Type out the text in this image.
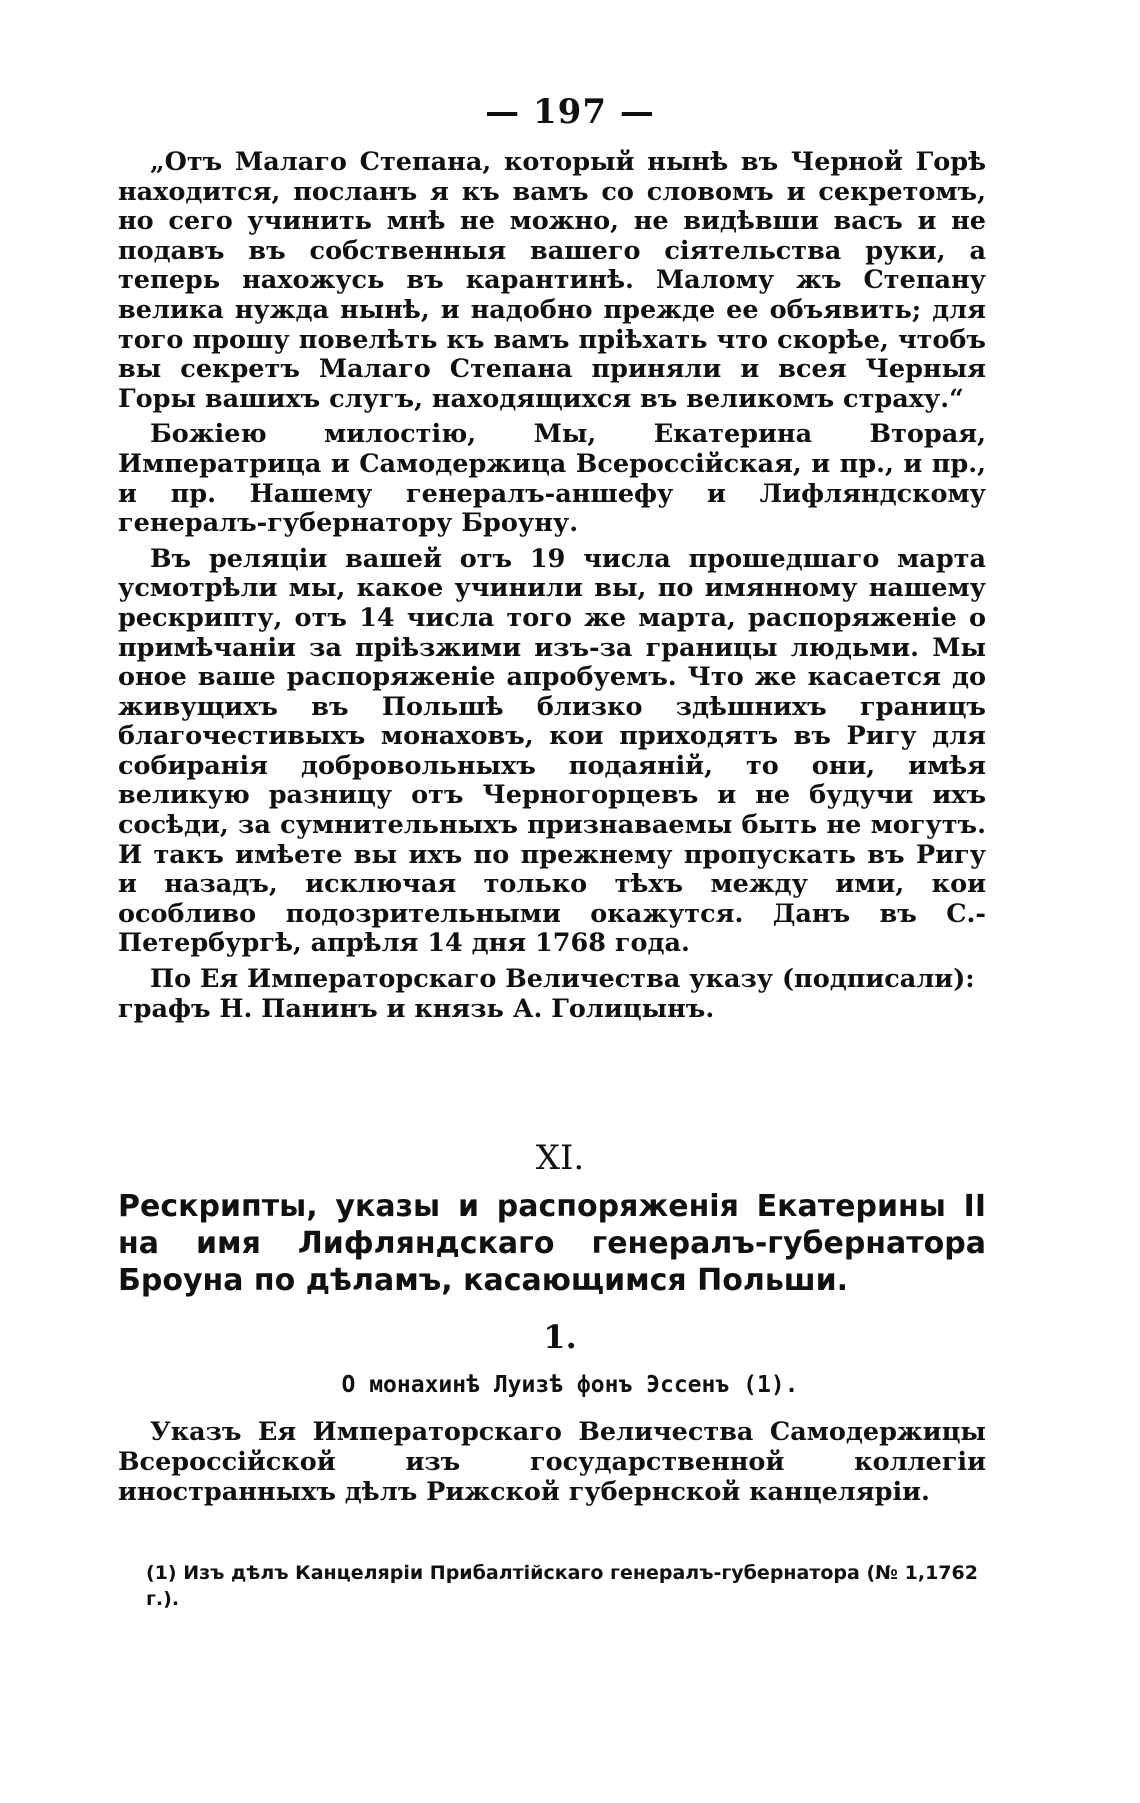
— 197 —

„Отъ Малаго Степана, который нынѣ въ Черной Горѣ находится, посланъ я къ вамъ со словомъ и секретомъ, но сего учинить мнѣ не можно, не видѣвши васъ и не подавъ въ собственныя вашего сіятельства руки, а теперь нахожусь въ карантинѣ. Малому жъ Степану велика нужда нынѣ, и надобно прежде ее объявить; для того прошу повелѣть къ вамъ пріѣхать что скорѣе, чтобъ вы секретъ Малаго Степана приняли и всея Черныя Горы вашихъ слугъ, находящихся въ великомъ страху.“

Божіею милостію, Мы, Екатерина Вторая, Императрица и Самодержица Всероссійская, и пр., и пр., и пр. Нашему генералъ-аншефу и Лифляндскому генералъ-губернатору Броуну.

Въ реляціи вашей отъ 19 числа прошедшаго марта усмотрѣли мы, какое учинили вы, по имянному нашему рескрипту, отъ 14 числа того же марта, распоряженіе о примѣчаніи за пріѣзжими изъ-за границы людьми. Мы оное ваше распоряженіе апробуемъ. Что же касается до живущихъ въ Польшѣ близко здѣшнихъ границъ благочестивыхъ монаховъ, кои приходятъ въ Ригу для собиранія добровольныхъ подаяній, то они, имѣя великую разницу отъ Черногорцевъ и не будучи ихъ сосѣди, за сумнительныхъ признаваемы быть не могутъ. И такъ имѣете вы ихъ по прежнему пропускать въ Ригу и назадъ, исключая только тѣхъ между ими, кои особливо подозрительными окажутся. Данъ въ С.-Петербургѣ, апрѣля 14 дня 1768 года.

По Ея Императорскаго Величества указу (подписали):

графъ Н. Панинъ и князь А. Голицынъ.

XI.
Рескрипты, указы и распоряженія Екатерины II на имя Лифляндскаго генералъ-губернатора Броуна по дѣламъ, касающимся Польши.
1.
О монахинѣ Луизѣ фонъ Эссенъ (1).

Указъ Ея Императорскаго Величества Самодержицы Всероссійской изъ государственной коллегіи иностранныхъ дѣлъ Рижской губернской канцеляріи.

(1) Изъ дѣлъ Канцеляріи Прибалтійскаго генералъ-губернатора (№ 1,1762 г.).
